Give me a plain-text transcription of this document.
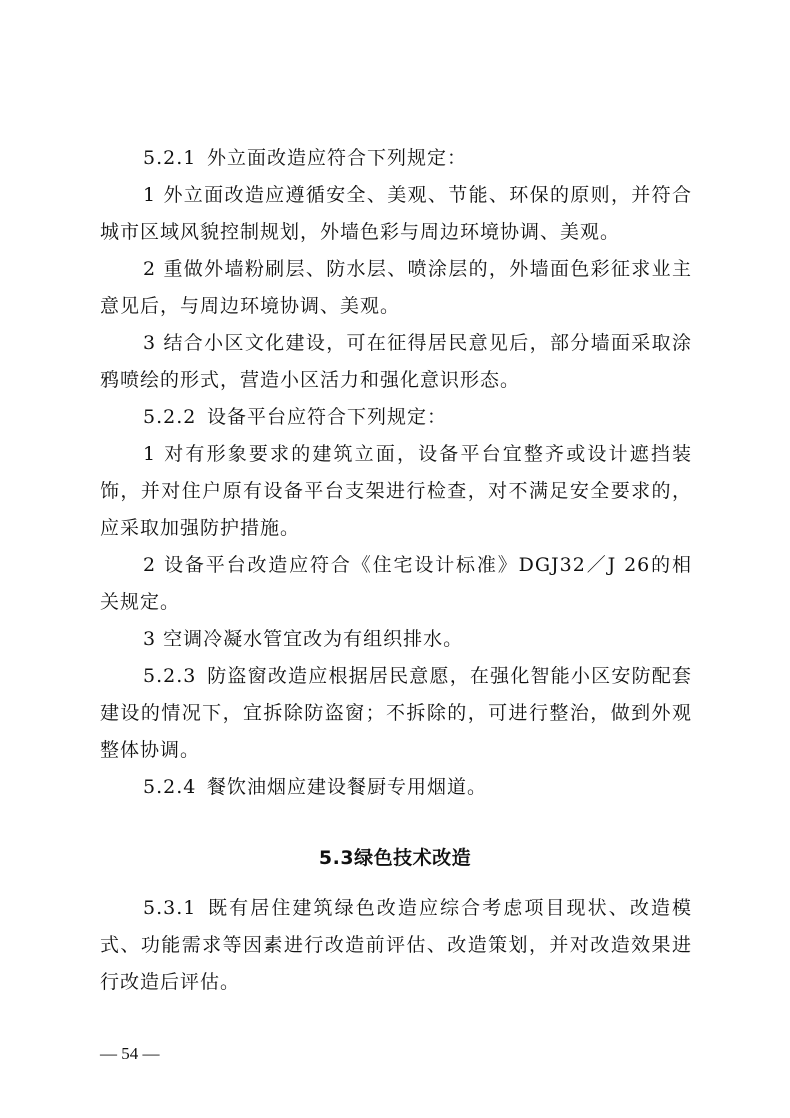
5.2.1 外立面改造应符合下列规定：

1 外立面改造应遵循安全、美观、节能、环保的原则，并符合城市区域风貌控制规划，外墙色彩与周边环境协调、美观。

2 重做外墙粉刷层、防水层、喷涂层的，外墙面色彩征求业主意见后，与周边环境协调、美观。

3 结合小区文化建设，可在征得居民意见后，部分墙面采取涂鸦喷绘的形式，营造小区活力和强化意识形态。

5.2.2 设备平台应符合下列规定：

1 对有形象要求的建筑立面，设备平台宜整齐或设计遮挡装饰，并对住户原有设备平台支架进行检查，对不满足安全要求的，应采取加强防护措施。

2 设备平台改造应符合《住宅设计标准》DGJ32／J 26的相关规定。

3 空调冷凝水管宜改为有组织排水。

5.2.3 防盗窗改造应根据居民意愿，在强化智能小区安防配套建设的情况下，宜拆除防盗窗；不拆除的，可进行整治，做到外观整体协调。

5.2.4 餐饮油烟应建设餐厨专用烟道。

5.3绿色技术改造

5.3.1 既有居住建筑绿色改造应综合考虑项目现状、改造模式、功能需求等因素进行改造前评估、改造策划，并对改造效果进行改造后评估。

— 54 —
